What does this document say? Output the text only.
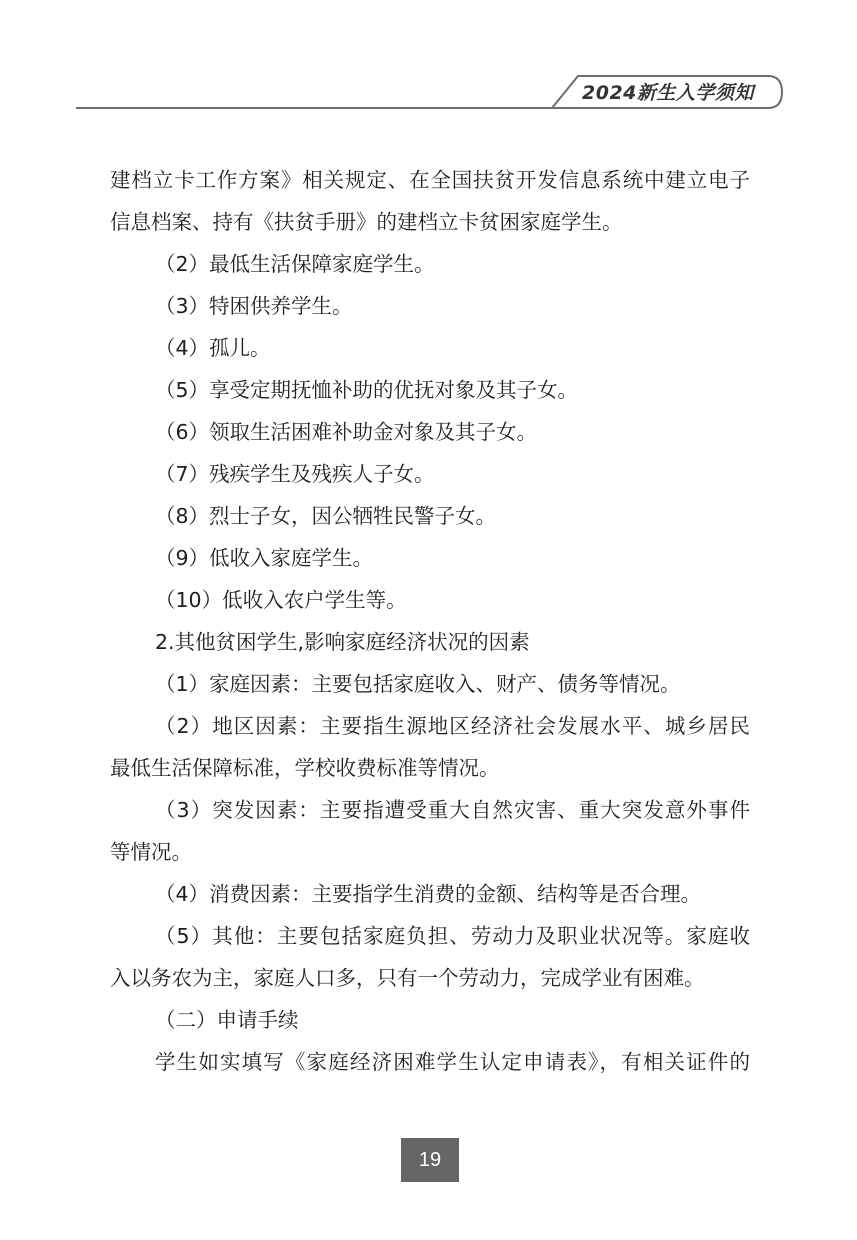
2024新生入学须知
建档立卡工作方案》相关规定、在全国扶贫开发信息系统中建立电子
信息档案、持有《扶贫手册》的建档立卡贫困家庭学生。
（2）最低生活保障家庭学生。
（3）特困供养学生。
（4）孤儿。
（5）享受定期抚恤补助的优抚对象及其子女。
（6）领取生活困难补助金对象及其子女。
（7）残疾学生及残疾人子女。
（8）烈士子女，因公牺牲民警子女。
（9）低收入家庭学生。
（10）低收入农户学生等。
2.其他贫困学生,影响家庭经济状况的因素
（1）家庭因素：主要包括家庭收入、财产、债务等情况。
（2）地区因素：主要指生源地区经济社会发展水平、城乡居民
最低生活保障标准，学校收费标准等情况。
（3）突发因素：主要指遭受重大自然灾害、重大突发意外事件
等情况。
（4）消费因素：主要指学生消费的金额、结构等是否合理。
（5）其他：主要包括家庭负担、劳动力及职业状况等。家庭收
入以务农为主，家庭人口多，只有一个劳动力，完成学业有困难。
（二）申请手续
学生如实填写《家庭经济困难学生认定申请表》，有相关证件的
19
